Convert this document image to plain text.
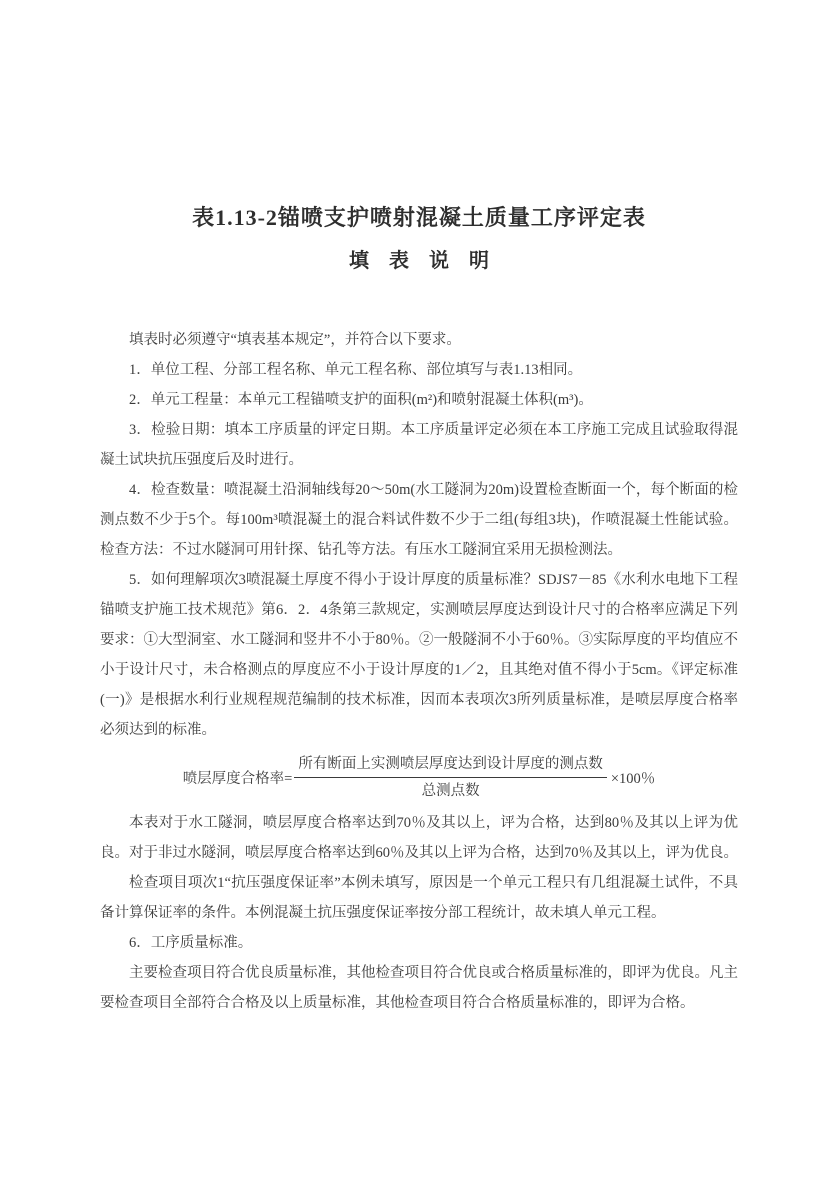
表1.13-2锚喷支护喷射混凝土质量工序评定表
填　表　说　明

填表时必须遵守“填表基本规定”，并符合以下要求。

1．单位工程、分部工程名称、单元工程名称、部位填写与表1.13相同。

2．单元工程量：本单元工程锚喷支护的面积(m²)和喷射混凝土体积(m³)。

3．检验日期：填本工序质量的评定日期。本工序质量评定必须在本工序施工完成且试验取得混凝土试块抗压强度后及时进行。

4．检查数量：喷混凝土沿洞轴线每20～50m(水工隧洞为20m)设置检查断面一个，每个断面的检测点数不少于5个。每100m³喷混凝土的混合料试件数不少于二组(每组3块)，作喷混凝土性能试验。检查方法：不过水隧洞可用针探、钻孔等方法。有压水工隧洞宜采用无损检测法。

5．如何理解项次3喷混凝土厚度不得小于设计厚度的质量标准？SDJS7－85《水利水电地下工程锚喷支护施工技术规范》第6．2．4条第三款规定，实测喷层厚度达到设计尺寸的合格率应满足下列要求：①大型洞室、水工隧洞和竖井不小于80％。②一般隧洞不小于60％。③实际厚度的平均值应不小于设计尺寸，未合格测点的厚度应不小于设计厚度的1／2，且其绝对值不得小于5cm。《评定标准(一)》是根据水利行业规程规范编制的技术标准，因而本表项次3所列质量标准，是喷层厚度合格率必须达到的标准。

喷层厚度合格率= $\frac{\text{所有断面上实测喷层厚度达到设计厚度的测点数}}{\text{总测点数}} \times 100$％

本表对于水工隧洞，喷层厚度合格率达到70％及其以上，评为合格，达到80％及其以上评为优良。对于非过水隧洞，喷层厚度合格率达到60％及其以上评为合格，达到70％及其以上，评为优良。

检查项目项次1“抗压强度保证率”本例未填写，原因是一个单元工程只有几组混凝土试件，不具备计算保证率的条件。本例混凝土抗压强度保证率按分部工程统计，故未填人单元工程。

6．工序质量标准。

主要检查项目符合优良质量标准，其他检查项目符合优良或合格质量标准的，即评为优良。凡主要检查项目全部符合合格及以上质量标准，其他检查项目符合合格质量标准的，即评为合格。
